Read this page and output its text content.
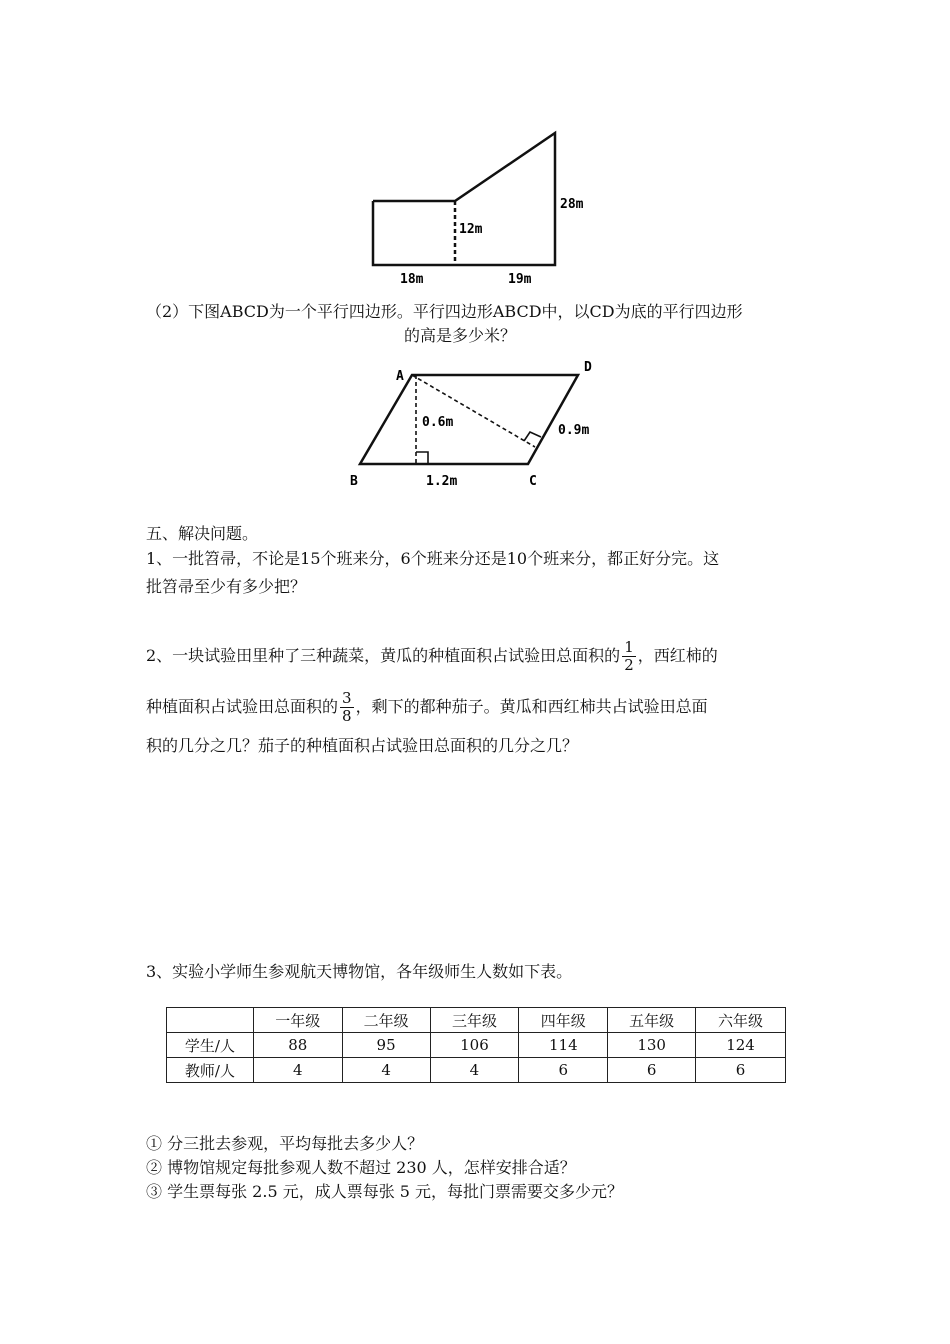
28m
12m
18m	19m
（2）下图ABCD为一个平行四边形。平行四边形ABCD中，以CD为底的平行四边形
的高是多少米？
A
D
B	C
0.6m
0.9m
1.2m
五、解决问题。
1、一批笤帚，不论是15个班来分，6个班来分还是10个班来分，都正好分完。这
批笤帚至少有多少把？
2、一块试验田里种了三种蔬菜，黄瓜的种植面积占试验田总面积的 $\frac{1}{2}$ ，西红柿的
种植面积占试验田总面积的 $\frac{3}{8}$ ，剩下的都种茄子。黄瓜和西红柿共占试验田总面
积的几分之几？茄子的种植面积占试验田总面积的几分之几？
3、实验小学师生参观航天博物馆，各年级师生人数如下表。
	一年级	二年级	三年级	四年级	五年级	六年级
学生/人	88	95	106	114	130	124
教师/人	4	4	4	6	6	6
① 分三批去参观，平均每批去多少人？
② 博物馆规定每批参观人数不超过 230 人，怎样安排合适？
③ 学生票每张 2.5 元，成人票每张 5 元，每批门票需要交多少元？
